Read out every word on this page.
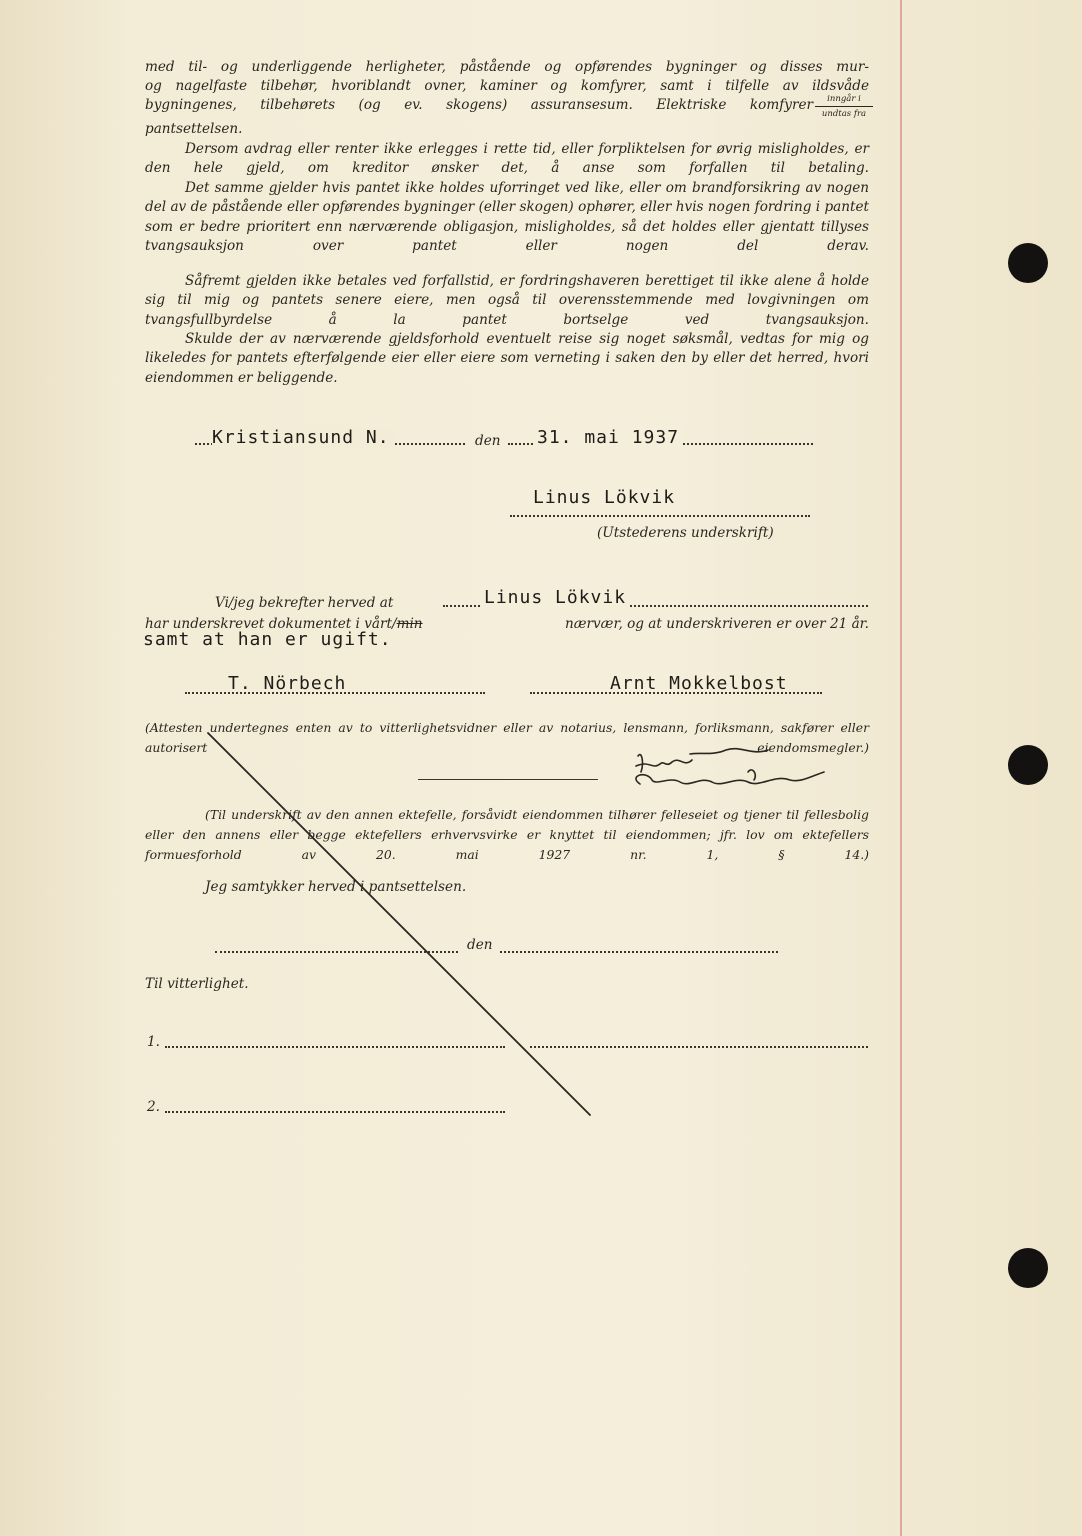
med til- og underliggende herligheter, påstående og opførendes bygninger og disses mur-
og nagelfaste tilbehør, hvoriblandt ovner, kaminer og komfyrer, samt i tilfelle av ildsvåde
bygningenes, tilbehørets (og ev. skogens) assuransesum. Elektriske komfyrer	inngår i
undtas fra
pantsettelsen.
Dersom avdrag eller renter ikke erlegges i rette tid, eller forpliktelsen for øvrig misligholdes, er den hele gjeld, om kreditor ønsker det, å anse som forfallen til betaling.
Det samme gjelder hvis pantet ikke holdes uforringet ved like, eller om brandforsikring av nogen del av de påstående eller opførendes bygninger (eller skogen) ophører, eller hvis nogen fordring i pantet som er bedre prioritert enn nærværende obligasjon, misligholdes, så det holdes eller gjentatt tillyses tvangsauksjon over pantet eller nogen del derav.
Såfremt gjelden ikke betales ved forfallstid, er fordringshaveren berettiget til ikke alene å holde sig til mig og pantets senere eiere, men også til overensstemmende med lovgivningen om tvangsfullbyrdelse å la pantet bortselge ved tvangsauksjon.
Skulde der av nærværende gjeldsforhold eventuelt reise sig noget søksmål, vedtas for mig og likeledes for pantets efterfølgende eier eller eiere som verneting i saken den by eller det herred, hvori eiendommen er beliggende.
Kristiansund N.	den 31. mai 1937
Linus Lökvik
(Utstederens underskrift)
Vi/jeg bekrefter herved at	Linus Lökvik
har underskrevet dokumentet i vårt/min	nærvær, og at underskriveren er over 21 år.
samt at han er ugift.
T. Nörbech	Arnt Mokkelbost
(Attesten undertegnes enten av to vitterlighetsvidner eller av notarius, lensmann, forliksmann, sakfører eller autorisert eiendomsmegler.)
(Til underskrift av den annen ektefelle, forsåvidt eiendommen tilhører felleseiet og tjener til fellesbolig eller den annens eller begge ektefellers erhvervsvirke er knyttet til eiendommen; jfr. lov om ektefellers formuesforhold av 20. mai 1927 nr. 1, § 14.)
Jeg samtykker herved i pantsettelsen.
den
Til vitterlighet.
1.
2.
